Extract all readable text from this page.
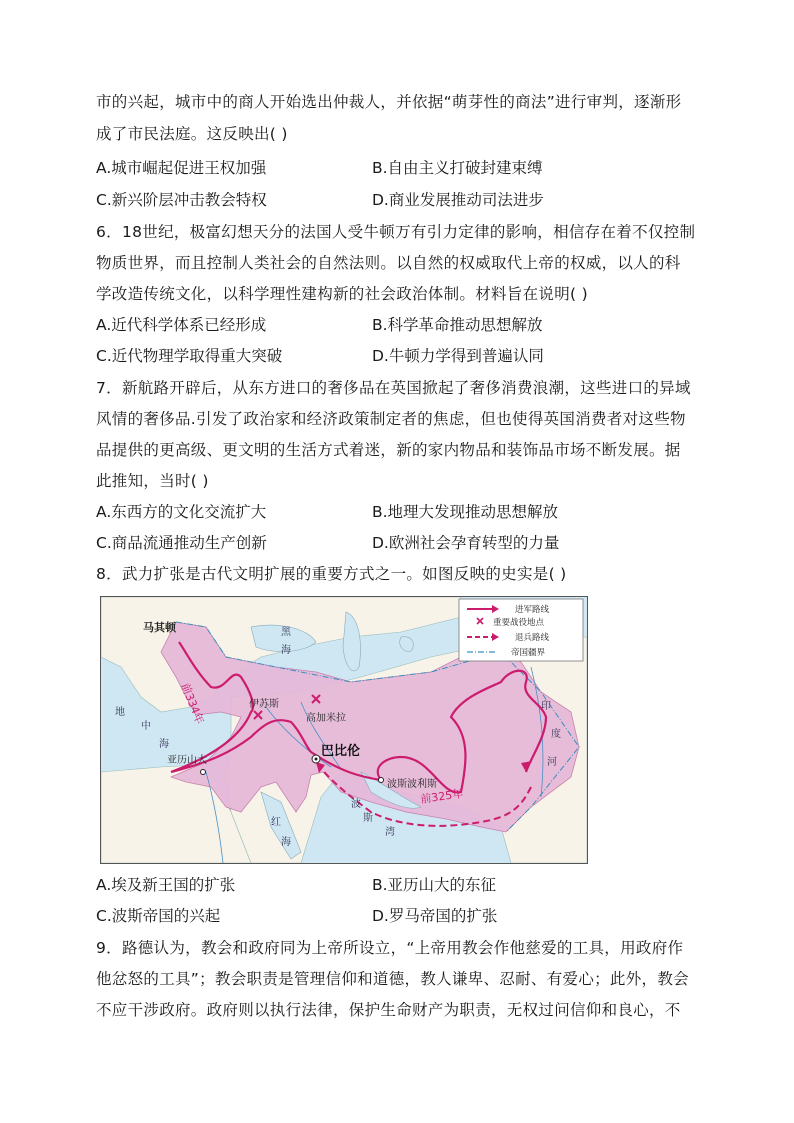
市的兴起，城市中的商人开始选出仲裁人，并依据“萌芽性的商法”进行审判，逐渐形
成了市民法庭。这反映出( )
A.城市崛起促进王权加强	B.自由主义打破封建束缚
C.新兴阶层冲击教会特权	D.商业发展推动司法进步
6．18世纪，极富幻想天分的法国人受牛顿万有引力定律的影响，相信存在着不仅控制
物质世界，而且控制人类社会的自然法则。以自然的权威取代上帝的权威，以人的科
学改造传统文化，以科学理性建构新的社会政治体制。材料旨在说明( )
A.近代科学体系已经形成	B.科学革命推动思想解放
C.近代物理学取得重大突破	D.牛顿力学得到普遍认同
7．新航路开辟后，从东方进口的奢侈品在英国掀起了奢侈消费浪潮，这些进口的异域
风情的奢侈品.引发了政治家和经济政策制定者的焦虑，但也使得英国消费者对这些物
品提供的更高级、更文明的生活方式着迷，新的家内物品和装饰品市场不断发展。据
此推知，当时( )
A.东西方的文化交流扩大	B.地理大发现推动思想解放
C.商品流通推动生产创新	D.欧洲社会孕育转型的力量
8．武力扩张是古代文明扩展的重要方式之一。如图反映的史实是( )
黑
海
地
中
海
红
海
波
斯
湾
印
度
河
马其顿
前334年	伊苏斯
高加米拉
巴比伦
亚历山大
波斯波利斯
前325年
进军路线
重要战役地点
退兵路线
帝国疆界
A.埃及新王国的扩张	B.亚历山大的东征
C.波斯帝国的兴起	D.罗马帝国的扩张
9．路德认为，教会和政府同为上帝所设立，“上帝用教会作他慈爱的工具，用政府作
他忿怒的工具”；教会职责是管理信仰和道德，教人谦卑、忍耐、有爱心；此外，教会
不应干涉政府。政府则以执行法律，保护生命财产为职责，无权过问信仰和良心，不
